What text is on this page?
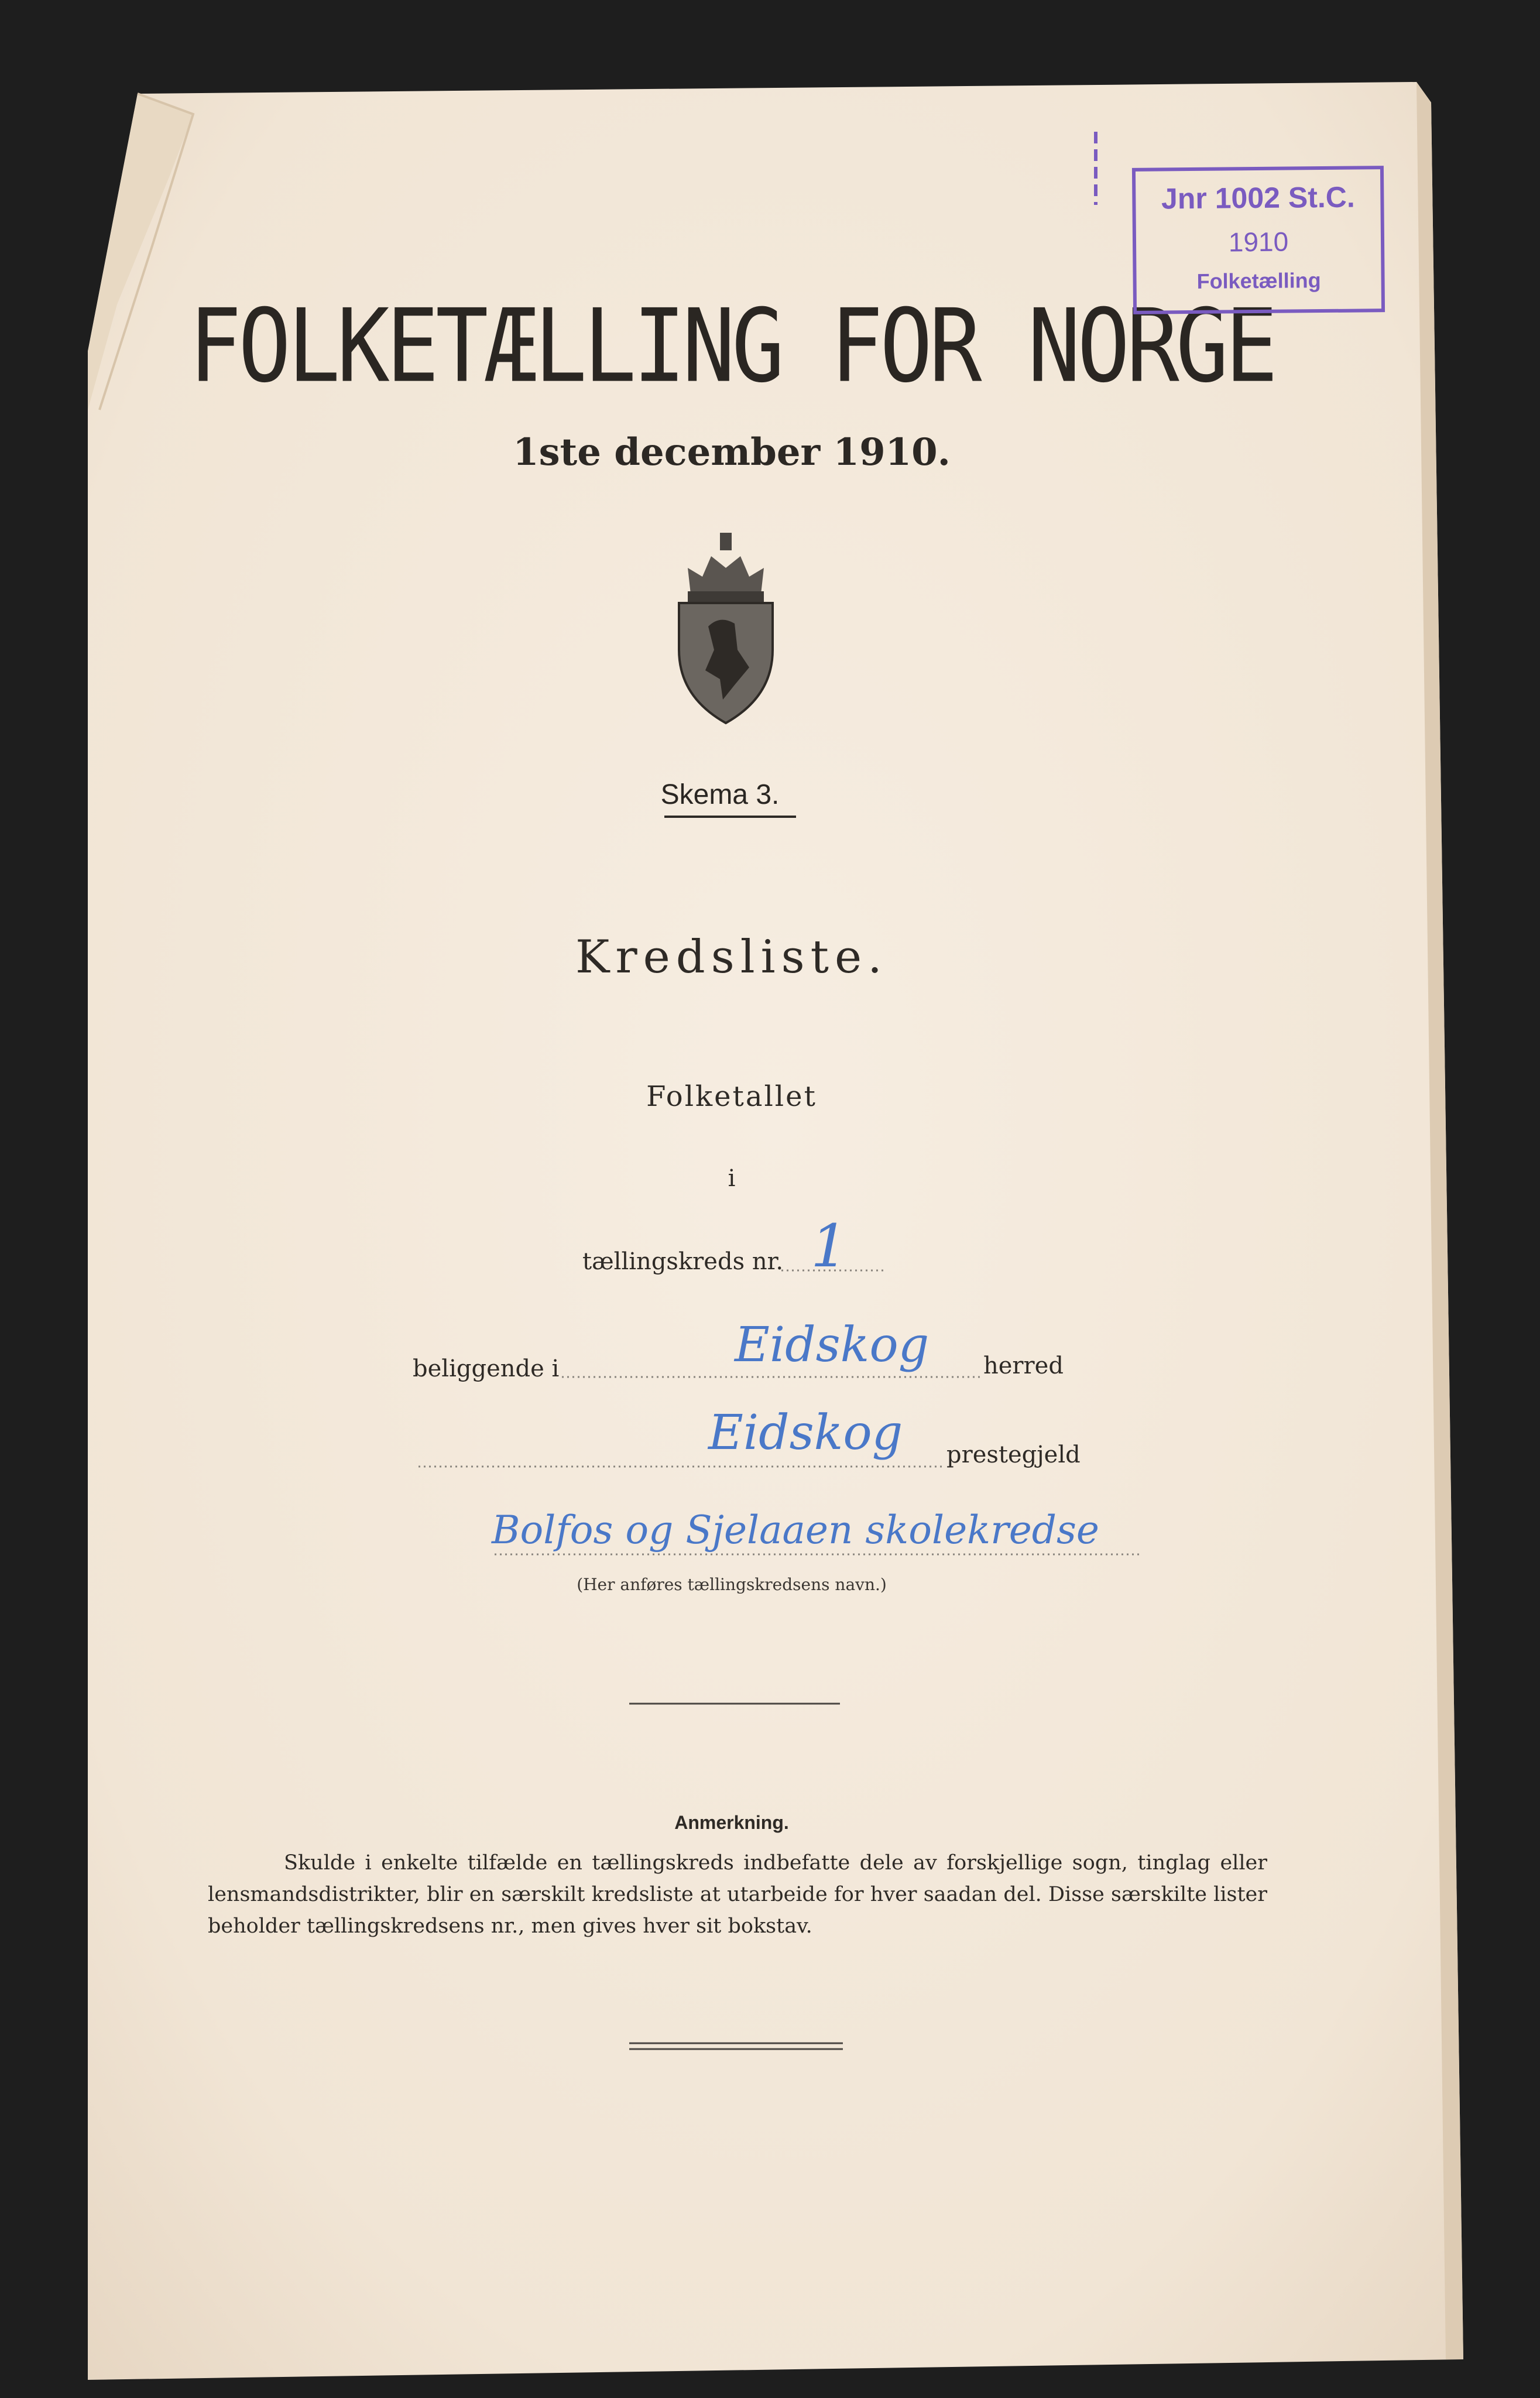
FOLKETÆLLING FOR NORGE
1ste december 1910.
Skema 3.
Kredsliste.
Folketallet
i
tællingskreds nr. 1
beliggende i	Eidskog herred
Eidskog prestegjeld
Bolfos og Sjelaaen skolekredse
(Her anføres tællingskredsens navn.)
Anmerkning.
Skulde i enkelte tilfælde en tællingskreds indbefatte dele av forskjellige sogn, tinglag eller lensmandsdistrikter, blir en særskilt kredsliste at utarbeide for hver saadan del. Disse særskilte lister beholder tællingskredsens nr., men gives hver sit bokstav.
Jnr 1002 St.C.
1910
Folketælling
